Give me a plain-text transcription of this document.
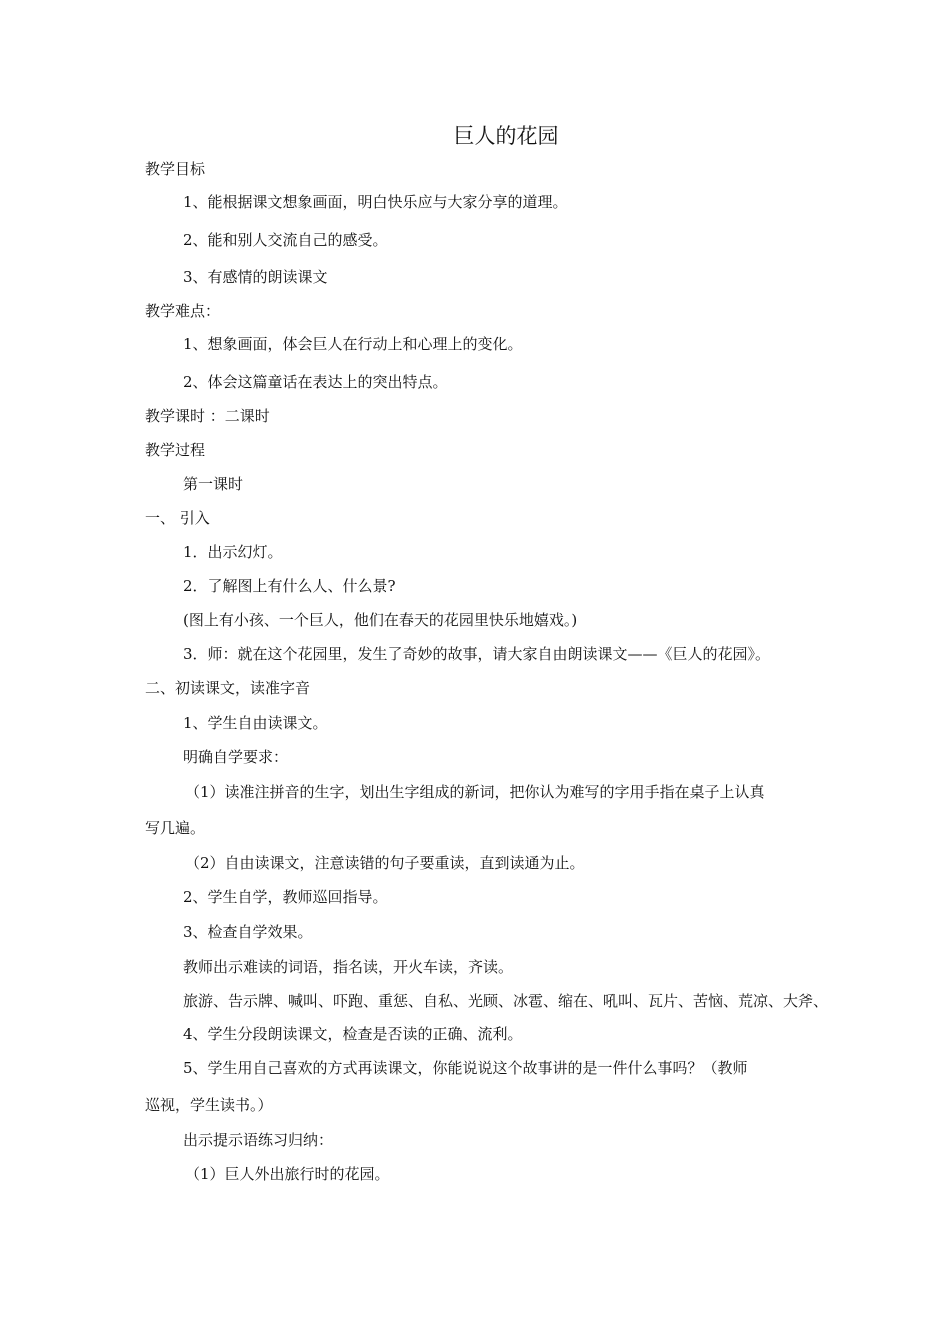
巨人的花园
教学目标
1、能根据课文想象画面，明白快乐应与大家分享的道理。
2、能和别人交流自己的感受。
3、有感情的朗读课文
教学难点：
1、想象画面，体会巨人在行动上和心理上的变化。
2、体会这篇童话在表达上的突出特点。
教学课时 ：二课时
教学过程
第一课时
一、 引入
1．出示幻灯。
2．了解图上有什么人、什么景?
(图上有小孩、一个巨人，他们在春天的花园里快乐地嬉戏。)
3．师：就在这个花园里，发生了奇妙的故事，请大家自由朗读课文——《巨人的花园》。
二、初读课文，读准字音
1、学生自由读课文。
明确自学要求：
（1）读准注拼音的生字，划出生字组成的新词，把你认为难写的字用手指在桌子上认真
写几遍。
（2）自由读课文，注意读错的句子要重读，直到读通为止。
2、学生自学，教师巡回指导。
3、检查自学效果。
教师出示难读的词语，指名读，开火车读，齐读。
旅游、告示牌、喊叫、吓跑、重惩、自私、光顾、冰雹、缩在、吼叫、瓦片、苦恼、荒凉、大斧、
4、学生分段朗读课文，检查是否读的正确、流利。
5、学生用自己喜欢的方式再读课文，你能说说这个故事讲的是一件什么事吗？（教师
巡视，学生读书。）
出示提示语练习归纳：
（1）巨人外出旅行时的花园。
